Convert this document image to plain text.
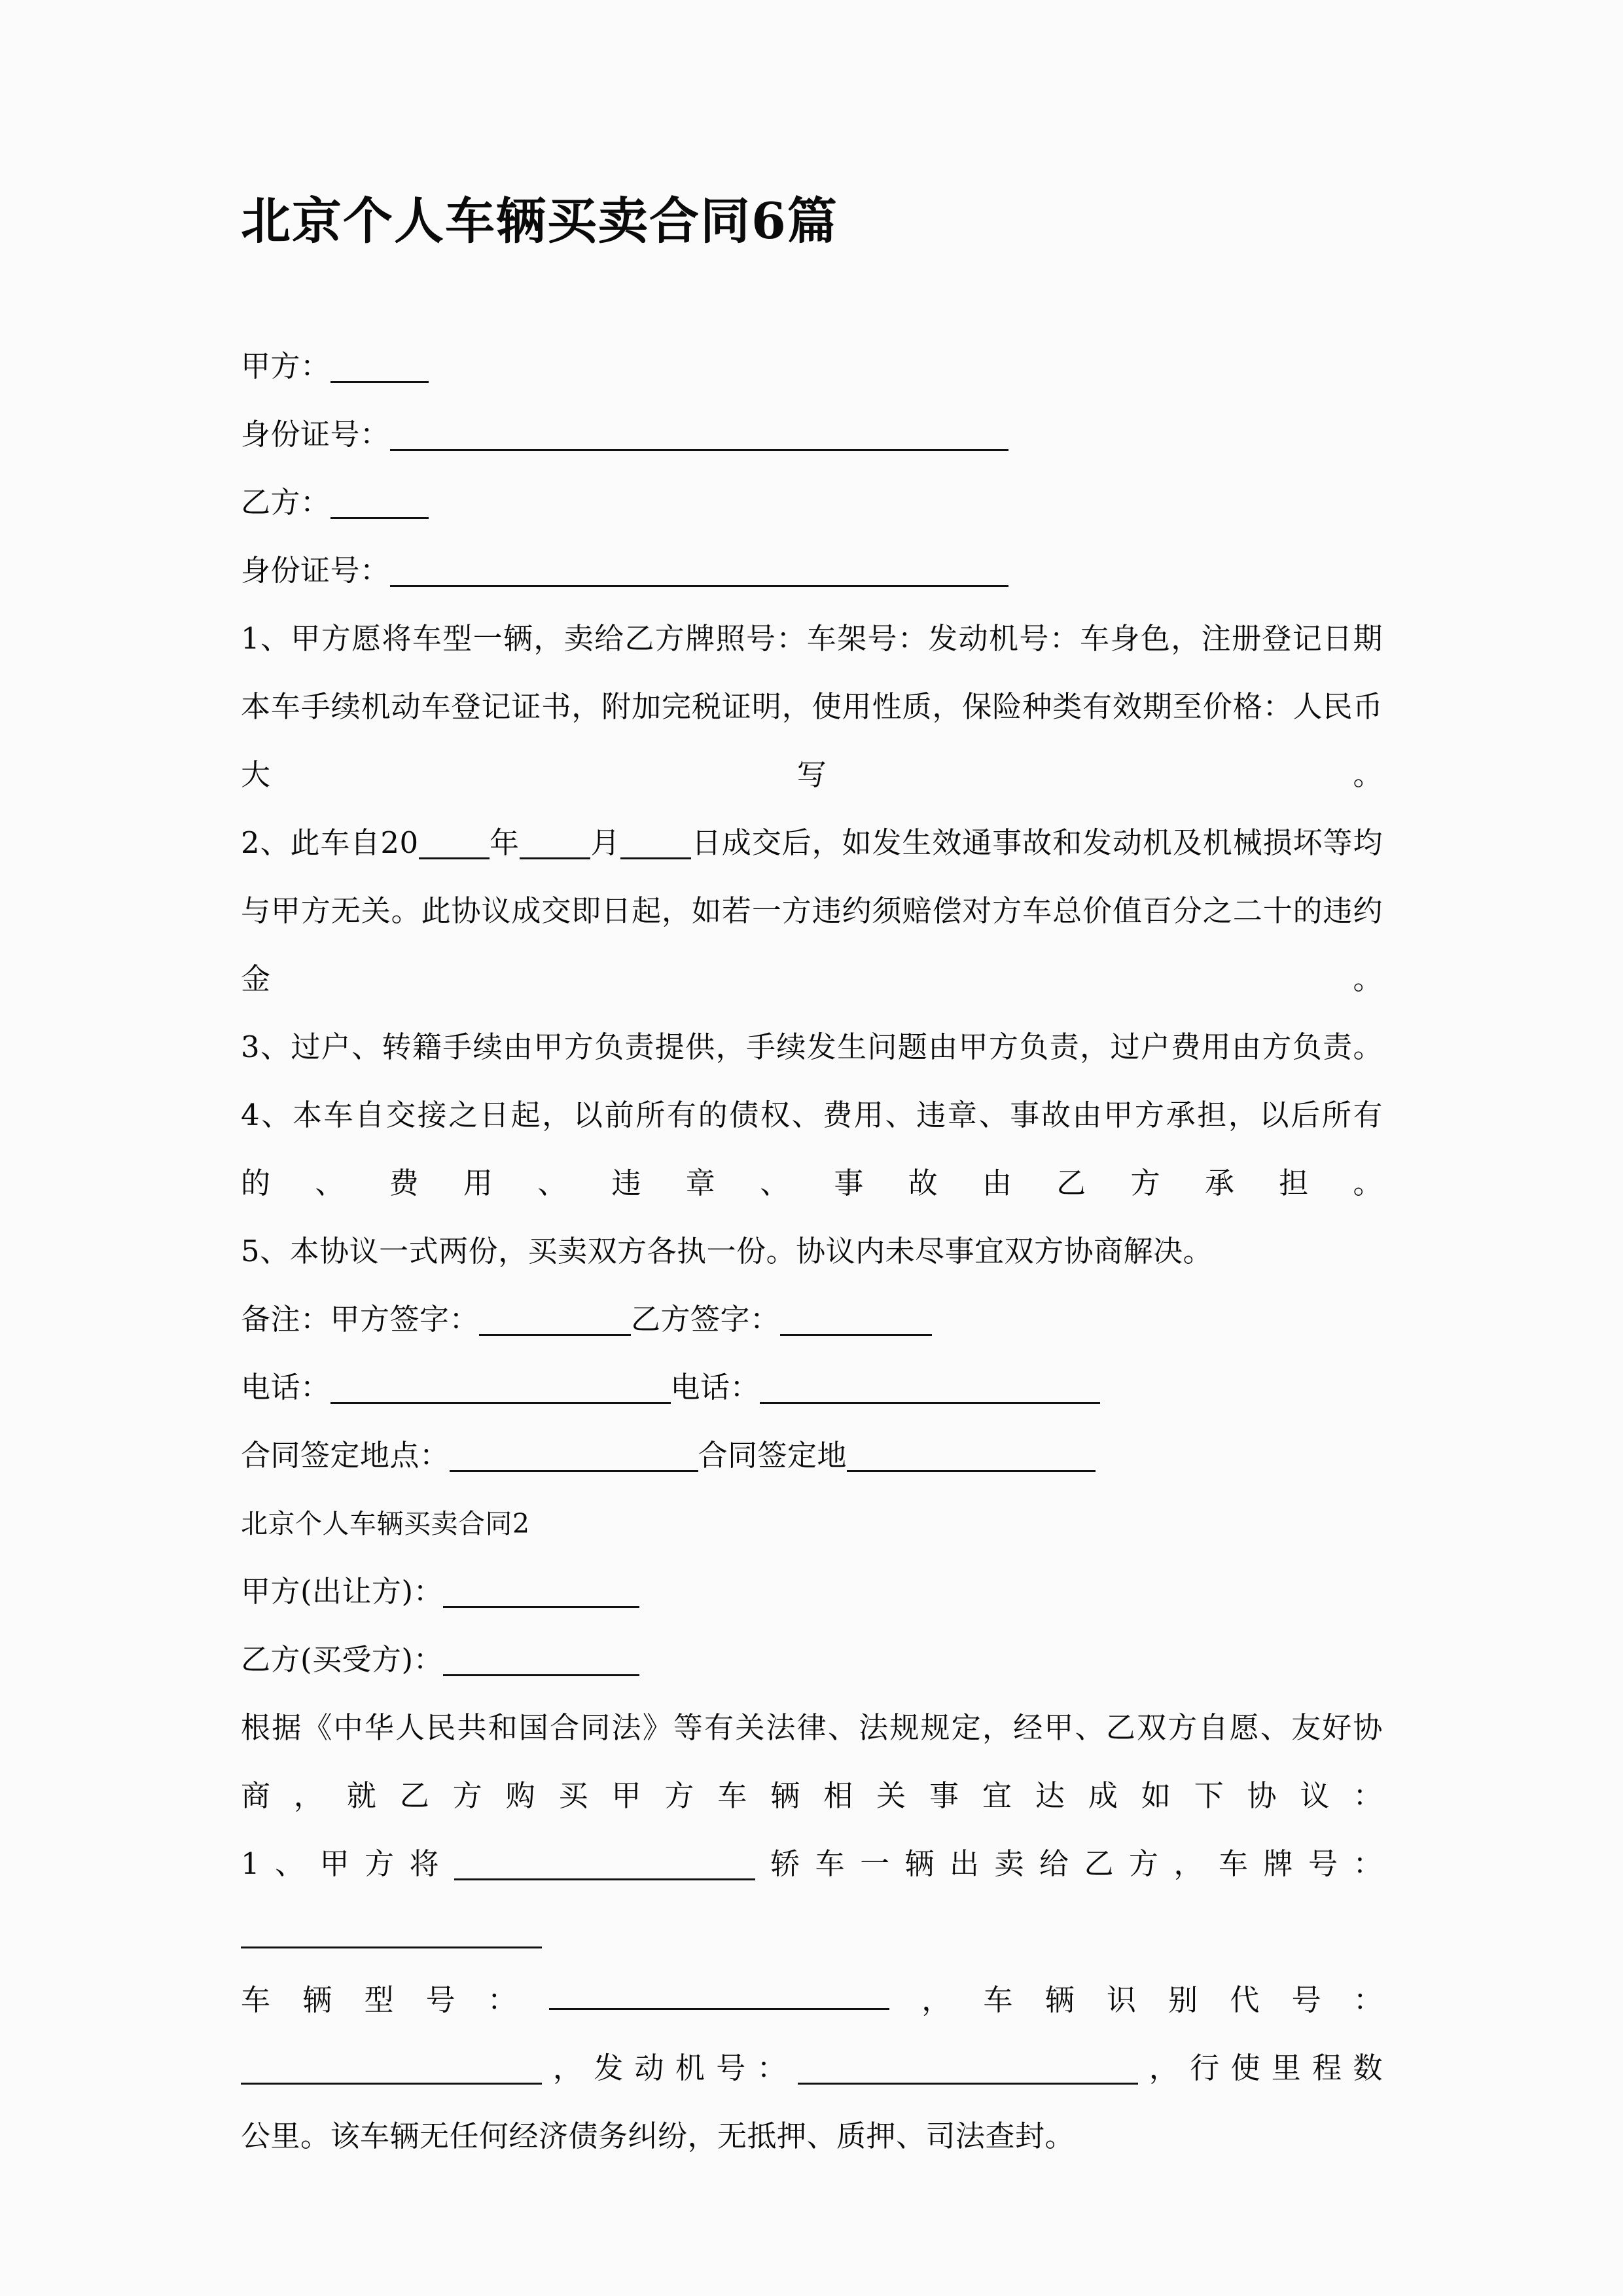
北京个人车辆买卖合同6篇

甲方：

身份证号：

乙方：

身份证号：

1、甲方愿将车型一辆，卖给乙方牌照号：车架号：发动机号：车身色，注册登记日期本车手续机动车登记证书，附加完税证明，使用性质，保险种类有效期至价格：人民币大写。

2、此车自20 年 月 日成交后，如发生效通事故和发动机及机械损坏等均与甲方无关。此协议成交即日起，如若一方违约须赔偿对方车总价值百分之二十的违约金。

3、过户、转籍手续由甲方负责提供，手续发生问题由甲方负责，过户费用由方负责。

4、本车自交接之日起，以前所有的债权、费用、违章、事故由甲方承担，以后所有的、费用、违章、事故由乙方承担。

5、本协议一式两份，买卖双方各执一份。协议内未尽事宜双方协商解决。

备注：甲方签字：	乙方签字：

电话：	电话：

合同签定地点：	合同签定地

北京个人车辆买卖合同2

甲方(出让方)：

乙方(买受方)：

根据《中华人民共和国合同法》等有关法律、法规规定，经甲、乙双方自愿、友好协商，就乙方购买甲方车辆相关事宜达成如下协议：

1、甲方将	轿车一辆出卖给乙方，车牌号：

车 辆 型 号 ：	， 车 辆 识 别 代 号 ：

，发动机号：	，行使里程数

公里。该车辆无任何经济债务纠纷，无抵押、质押、司法查封。
